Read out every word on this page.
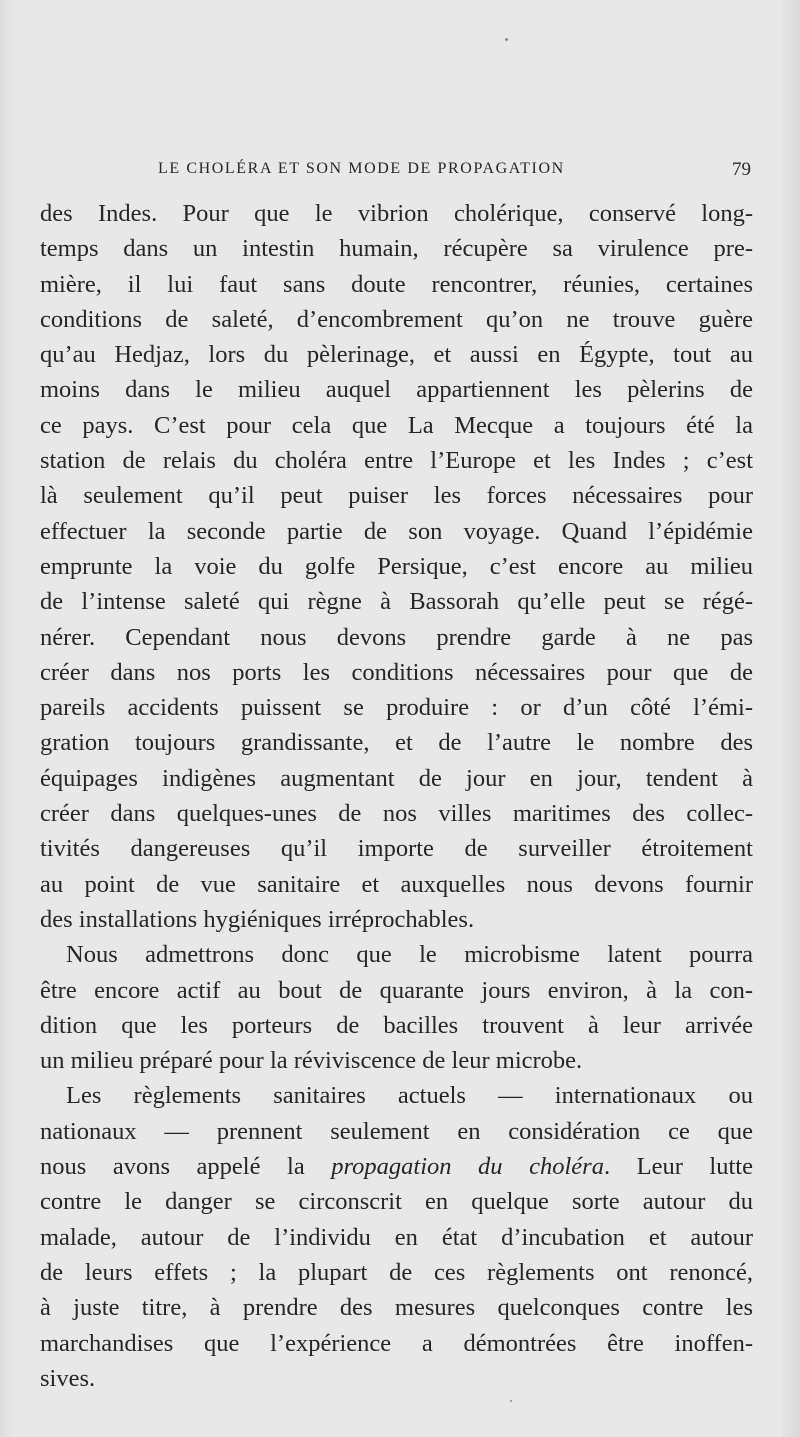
LE CHOLÉRA ET SON MODE DE PROPAGATION	79
des Indes. Pour que le vibrion cholérique, conservé long-
temps dans un intestin humain, récupère sa virulence pre-
mière, il lui faut sans doute rencontrer, réunies, certaines
conditions de saleté, d’encombrement qu’on ne trouve guère
qu’au Hedjaz, lors du pèlerinage, et aussi en Égypte, tout au
moins dans le milieu auquel appartiennent les pèlerins de
ce pays. C’est pour cela que La Mecque a toujours été la
station de relais du choléra entre l’Europe et les Indes ; c’est
là seulement qu’il peut puiser les forces nécessaires pour
effectuer la seconde partie de son voyage. Quand l’épidémie
emprunte la voie du golfe Persique, c’est encore au milieu
de l’intense saleté qui règne à Bassorah qu’elle peut se régé-
nérer. Cependant nous devons prendre garde à ne pas
créer dans nos ports les conditions nécessaires pour que de
pareils accidents puissent se produire : or d’un côté l’émi-
gration toujours grandissante, et de l’autre le nombre des
équipages indigènes augmentant de jour en jour, tendent à
créer dans quelques-unes de nos villes maritimes des collec-
tivités dangereuses qu’il importe de surveiller étroitement
au point de vue sanitaire et auxquelles nous devons fournir
des installations hygiéniques irréprochables.
Nous admettrons donc que le microbisme latent pourra
être encore actif au bout de quarante jours environ, à la con-
dition que les porteurs de bacilles trouvent à leur arrivée
un milieu préparé pour la réviviscence de leur microbe.
Les règlements sanitaires actuels — internationaux ou
nationaux — prennent seulement en considération ce que
nous avons appelé la propagation du choléra. Leur lutte
contre le danger se circonscrit en quelque sorte autour du
malade, autour de l’individu en état d’incubation et autour
de leurs effets ; la plupart de ces règlements ont renoncé,
à juste titre, à prendre des mesures quelconques contre les
marchandises que l’expérience a démontrées être inoffen-
sives.
